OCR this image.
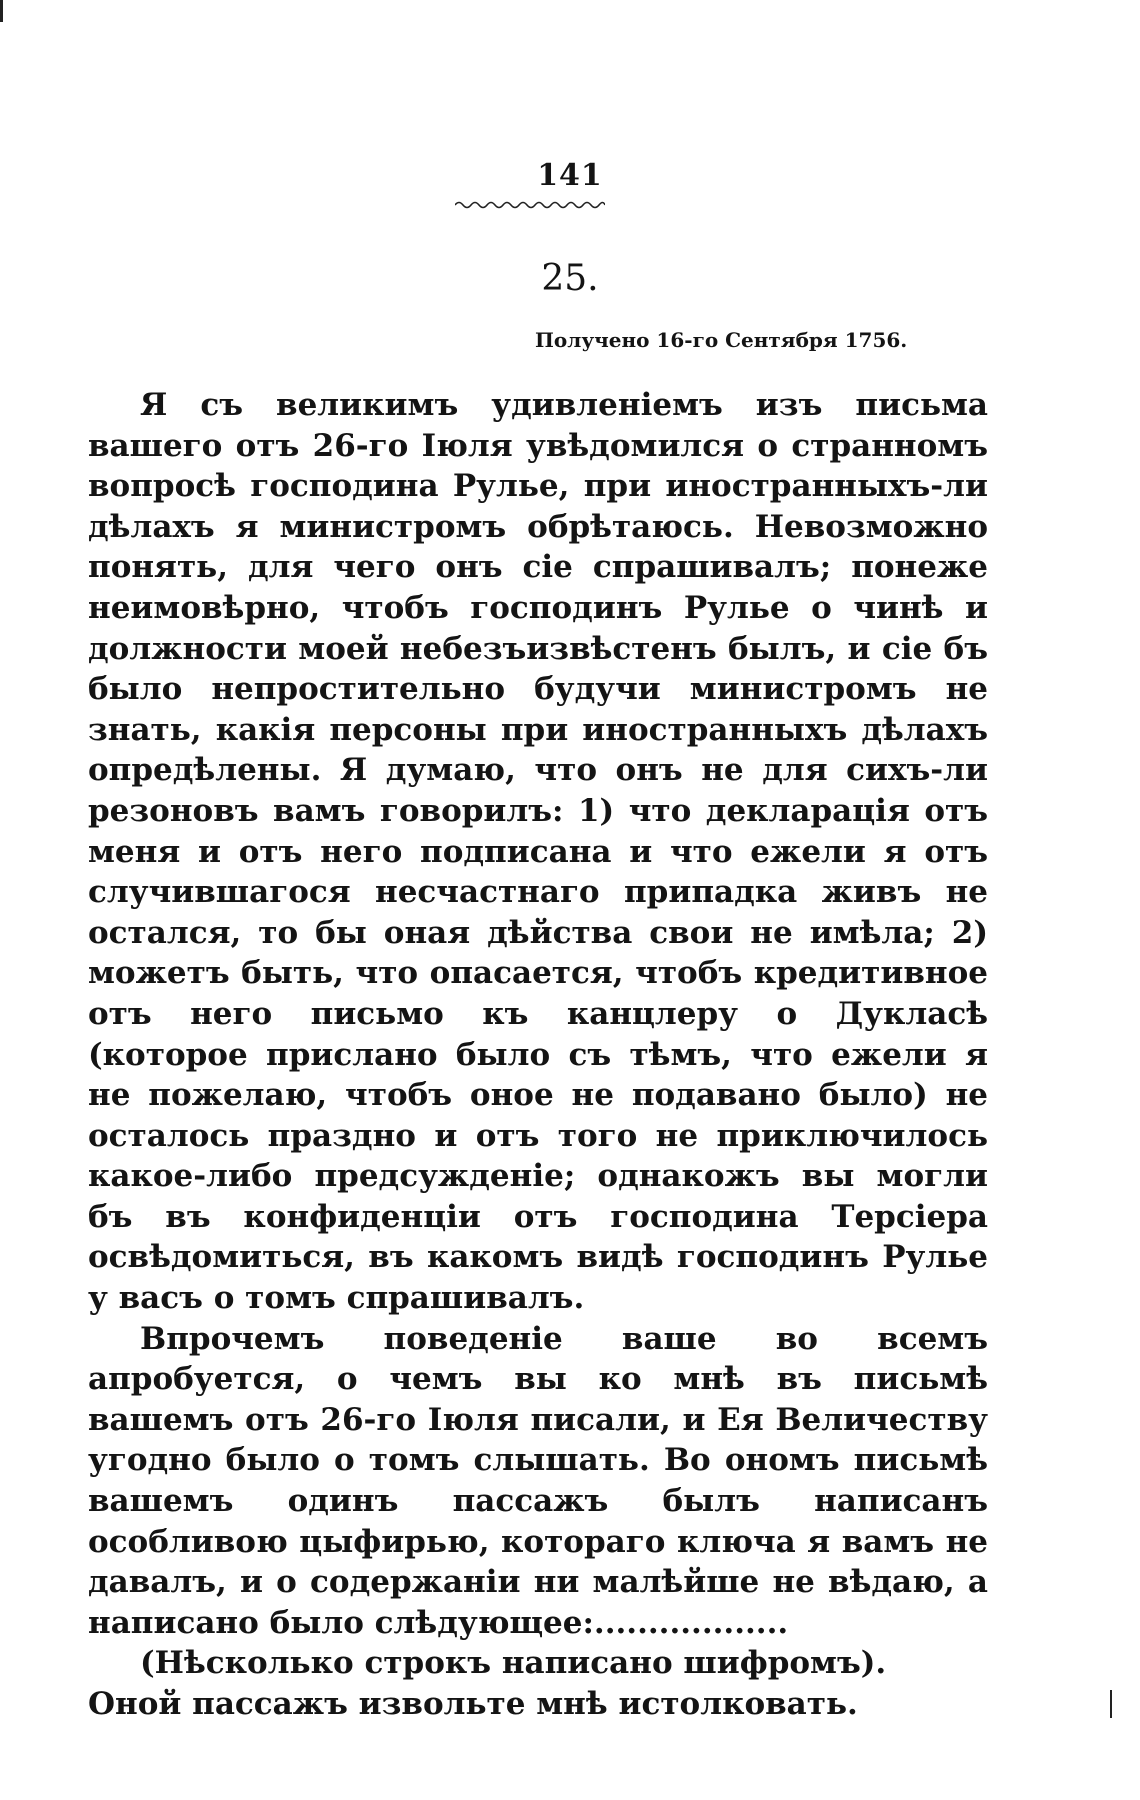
141
25.
Получено 16-го Сентября 1756.

Я съ великимъ удивленіемъ изъ письма вашего отъ 26-го Іюля увѣдомился о странномъ вопросѣ господина Рулье, при иностранныхъ-ли дѣлахъ я министромъ обрѣтаюсь. Невозможно понять, для чего онъ сіе спрашивалъ; понеже неимовѣрно, чтобъ господинъ Рулье о чинѣ и должности моей небезъизвѣстенъ былъ, и сіе бъ было непростительно будучи министромъ не знать, какія персоны при иностранныхъ дѣлахъ опредѣлены. Я думаю, что онъ не для сихъ-ли резоновъ вамъ говорилъ: 1) что декларація отъ меня и отъ него подписана и что ежели я отъ случившагося несчастнаго припадка живъ не остался, то бы оная дѣйства свои не имѣла; 2) можетъ быть, что опасается, чтобъ кредитивное отъ него письмо къ канцлеру о Дукласѣ (которое прислано было съ тѣмъ, что ежели я не пожелаю, чтобъ оное не подавано было) не осталось праздно и отъ того не приключилось какое-либо предсужденіе; однакожъ вы могли бъ въ конфиденціи отъ господина Терсіера освѣдомиться, въ какомъ видѣ господинъ Рулье у васъ о томъ спрашивалъ.

Впрочемъ поведеніе ваше во всемъ апробуется, о чемъ вы ко мнѣ въ письмѣ вашемъ отъ 26-го Іюля писали, и Ея Величеству угодно было о томъ слышать. Во ономъ письмѣ вашемъ одинъ пассажъ былъ написанъ особливою цыфирью, котораго ключа я вамъ не давалъ, и о содержаніи ни малѣйше не вѣдаю, а написано было слѣдующее:..................

(Нѣсколько строкъ написано шифромъ).

Оной пассажъ извольте мнѣ истолковать.
